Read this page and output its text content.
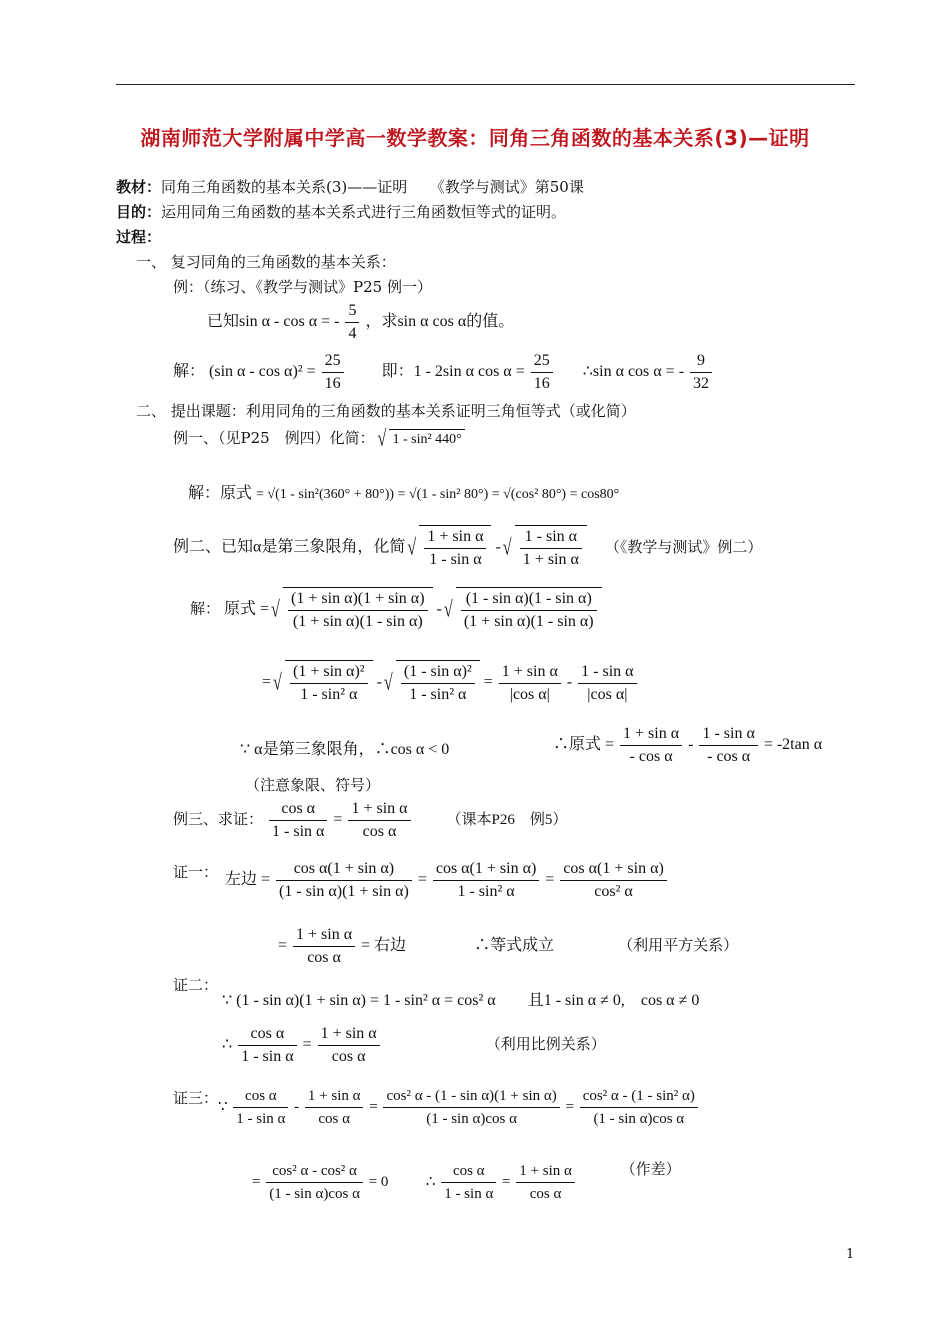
湖南师范大学附属中学高一数学教案：同角三角函数的基本关系(3)—证明
教材：同角三角函数的基本关系(3)——证明　　《教学与测试》第50课
目的：运用同角三角函数的基本关系式进行三角函数恒等式的证明。
过程：
一、 复习同角的三角函数的基本关系：
例：（练习、《教学与测试》P25 例一）
已知sin α - cos α = - $\frac{5}{4}$ ，求sin α cos α的值。
解： (sin $\alpha - \cos \alpha)^2 = \frac{25}{16}$ 即：1 - 2sin α $\cos \alpha = \frac{25}{16}$ ∴sin α cos α = - $\frac{9}{32}$
二、 提出课题：利用同角的三角函数的基本关系证明三角恒等式（或化简）
例一、（见P25　例四）化简： √ 1 - sin² 440°
解：原式 = √(1 - sin²(360° + 80°)) = √(1 - sin² 80°) = √(cos² 80°) = cos80°
例二、已知α是第三象限角，化简 √ $\frac{\text{1 + sin α}}{\text{1 - sin α}}$ - √ $\frac{\text{1 - sin α}}{\text{1 + sin α}}$ （《教学与测试》例二）
解： 原式 = √ $\frac{\text{(1 + sin α)(1 + sin α)}}{\text{(1 + sin α)(1 - sin α)}}$ - √ $\frac{\text{(1 - sin α)(1 - sin α)}}{\text{(1 + sin α)(1 - sin α)}}$
= √ $\frac{\text{(1 + sin α)²}}{\text{1 - sin² α}}$ - √ $\frac{\text{(1 - sin α)²}}{\text{1 - sin² α}} = \frac{\text{1 + sin α}}{\text{|cos α|}} - \frac{\text{1 - sin α}}{\text{|cos α|}}$
∵ α是第三象限角，∴cos α < 0	∴原式 = $\frac{\text{1 + sin α}}{\text{- cos α}} - \frac{\text{1 - sin α}}{\text{- cos α}} = -2\tan$ α
（注意象限、符号）
例三、求证： $\frac{\text{cos α}}{\text{1 - sin α}} = \frac{\text{1 + sin α}}{\text{cos α}}$ （课本P26　例5）
证一： 左边 = $\frac{\text{cos α(1 + sin α)}}{\text{(1 - sin α)(1 + sin α)}} = \frac{\text{cos α(1 + sin α)}}{\text{1 - sin² α}} = \frac{\text{cos α(1 + sin α)}}{\text{cos² α}}$
= $\frac{\text{1 + sin α}}{\text{cos α}}$ = 右边	∴等式成立	（利用平方关系）
证二：
∵ (1 - sin α)(1 + sin α) = 1 - sin² α = cos² α　　且1 - sin α ≠ 0,　cos α ≠ 0
∴ $\frac{\text{cos α}}{\text{1 - sin α}} = \frac{\text{1 + sin α}}{\text{cos α}}$	（利用比例关系）
证三： ∵ $\frac{\text{cos α}}{\text{1 - sin α}} - \frac{\text{1 + sin α}}{\text{cos α}} = \frac{\text{cos² α - (1 - sin α)(1 + sin α)}}{\text{(1 - sin α)cos α}} = \frac{\text{cos² α - (1 - sin² α)}}{\text{(1 - sin α)cos α}}$
= $\frac{\text{cos² α - cos² α}}{\text{(1 - sin α)cos α}} = 0$	∴ $\frac{\text{cos α}}{\text{1 - sin α}} = \frac{\text{1 + sin α}}{\text{cos α}}$	（作差）
1
